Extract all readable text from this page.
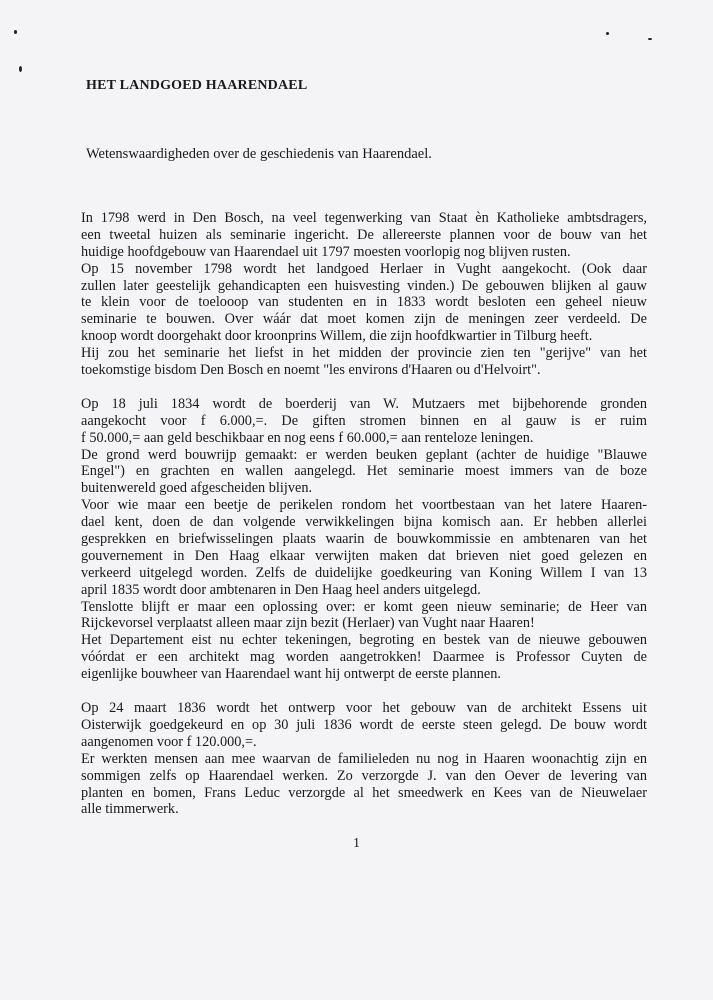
HET LANDGOED HAARENDAEL
Wetenswaardigheden over de geschiedenis van Haarendael.
In 1798 werd in Den Bosch, na veel tegenwerking van Staat èn Katholieke ambtsdragers,
een tweetal huizen als seminarie ingericht. De allereerste plannen voor de bouw van het
huidige hoofdgebouw van Haarendael uit 1797 moesten voorlopig nog blijven rusten.
Op 15 november 1798 wordt het landgoed Herlaer in Vught aangekocht. (Ook daar
zullen later geestelijk gehandicapten een huisvesting vinden.) De gebouwen blijken al gauw
te klein voor de toelooop van studenten en in 1833 wordt besloten een geheel nieuw
seminarie te bouwen. Over wáár dat moet komen zijn de meningen zeer verdeeld. De
knoop wordt doorgehakt door kroonprins Willem, die zijn hoofdkwartier in Tilburg heeft.
Hij zou het seminarie het liefst in het midden der provincie zien ten "gerijve" van het
toekomstige bisdom Den Bosch en noemt "les environs d'Haaren ou d'Helvoirt".
Op 18 juli 1834 wordt de boerderij van W. Mutzaers met bijbehorende gronden
aangekocht voor f 6.000,=. De giften stromen binnen en al gauw is er ruim
f 50.000,= aan geld beschikbaar en nog eens f 60.000,= aan renteloze leningen.
De grond werd bouwrijp gemaakt: er werden beuken geplant (achter de huidige "Blauwe
Engel") en grachten en wallen aangelegd. Het seminarie moest immers van de boze
buitenwereld goed afgescheiden blijven.
Voor wie maar een beetje de perikelen rondom het voortbestaan van het latere Haaren-
dael kent, doen de dan volgende verwikkelingen bijna komisch aan. Er hebben allerlei
gesprekken en briefwisselingen plaats waarin de bouwkommissie en ambtenaren van het
gouvernement in Den Haag elkaar verwijten maken dat brieven niet goed gelezen en
verkeerd uitgelegd worden. Zelfs de duidelijke goedkeuring van Koning Willem I van 13
april 1835 wordt door ambtenaren in Den Haag heel anders uitgelegd.
Tenslotte blijft er maar een oplossing over: er komt geen nieuw seminarie; de Heer van
Rijckevorsel verplaatst alleen maar zijn bezit (Herlaer) van Vught naar Haaren!
Het Departement eist nu echter tekeningen, begroting en bestek van de nieuwe gebouwen
vóórdat er een architekt mag worden aangetrokken! Daarmee is Professor Cuyten de
eigenlijke bouwheer van Haarendael want hij ontwerpt de eerste plannen.
Op 24 maart 1836 wordt het ontwerp voor het gebouw van de architekt Essens uit
Oisterwijk goedgekeurd en op 30 juli 1836 wordt de eerste steen gelegd. De bouw wordt
aangenomen voor f 120.000,=.
Er werkten mensen aan mee waarvan de familieleden nu nog in Haaren woonachtig zijn en
sommigen zelfs op Haarendael werken. Zo verzorgde J. van den Oever de levering van
planten en bomen, Frans Leduc verzorgde al het smeedwerk en Kees van de Nieuwelaer
alle timmerwerk.
1
